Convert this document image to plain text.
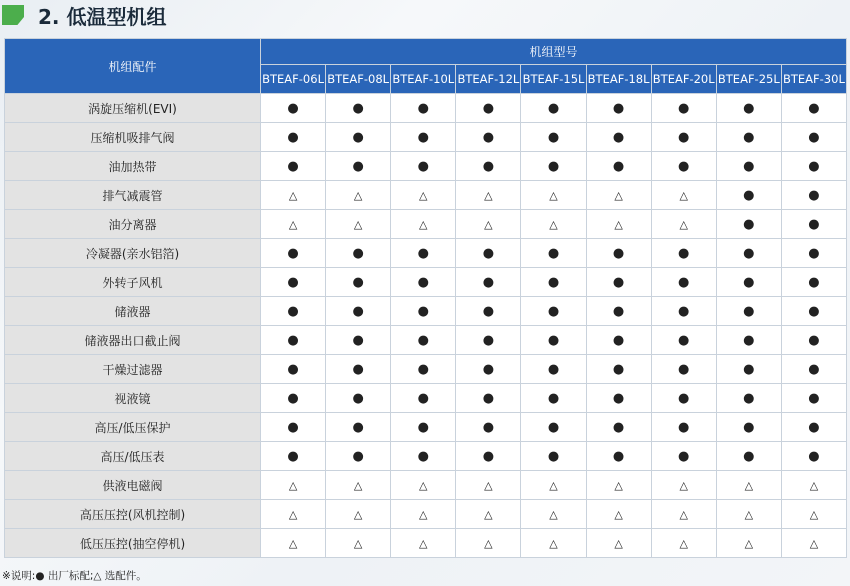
2. 低温型机组
机组配件	机组型号								
	BTEAF-06L	BTEAF-08L	BTEAF-10L	BTEAF-12L	BTEAF-15L	BTEAF-18L	BTEAF-20L	BTEAF-25L	BTEAF-30L
涡旋压缩机(EVI)	●	●	●	●	●	●	●	●	●
压缩机吸排气阀	●	●	●	●	●	●	●	●	●
油加热带	●	●	●	●	●	●	●	●	●
排气减震管	△	△	△	△	△	△	△	●	●
油分离器	△	△	△	△	△	△	△	●	●
冷凝器(亲水铝箔)	●	●	●	●	●	●	●	●	●
外转子风机	●	●	●	●	●	●	●	●	●
储液器	●	●	●	●	●	●	●	●	●
储液器出口截止阀	●	●	●	●	●	●	●	●	●
干燥过滤器	●	●	●	●	●	●	●	●	●
视液镜	●	●	●	●	●	●	●	●	●
高压/低压保护	●	●	●	●	●	●	●	●	●
高压/低压表	●	●	●	●	●	●	●	●	●
供液电磁阀	△	△	△	△	△	△	△	△	△
高压压控(风机控制)	△	△	△	△	△	△	△	△	△
低压压控(抽空停机)	△	△	△	△	△	△	△	△	△
※说明:● 出厂标配;△ 选配件。
